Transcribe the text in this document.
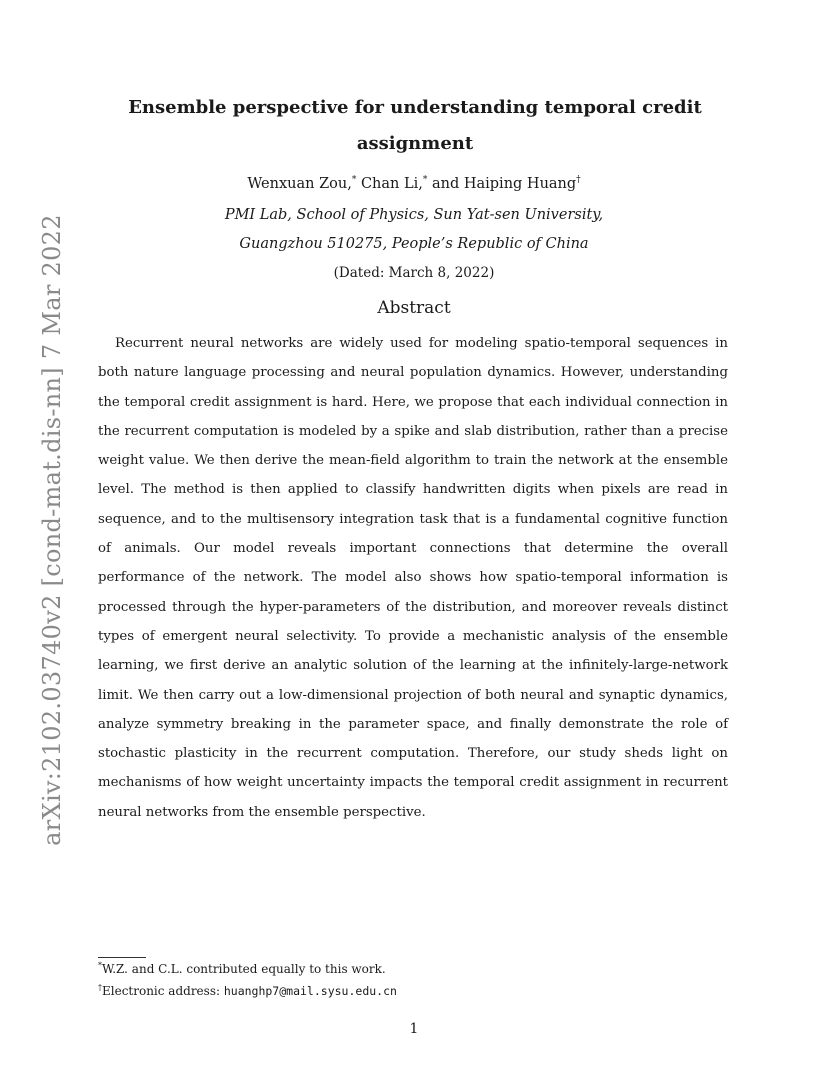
arXiv:2102.03740v2 [cond-mat.dis-nn] 7 Mar 2022
Ensemble perspective for understanding temporal credit assignment
Wenxuan Zou,* Chan Li,* and Haiping Huang†
PMI Lab, School of Physics, Sun Yat-sen University,
Guangzhou 510275, People’s Republic of China
(Dated: March 8, 2022)
Abstract

Recurrent neural networks are widely used for modeling spatio-temporal sequences in both nature language processing and neural population dynamics. However, understanding the temporal credit assignment is hard. Here, we propose that each individual connection in the recurrent computation is modeled by a spike and slab distribution, rather than a precise weight value. We then derive the mean-field algorithm to train the network at the ensemble level. The method is then applied to classify handwritten digits when pixels are read in sequence, and to the multisensory integration task that is a fundamental cognitive function of animals. Our model reveals important connections that determine the overall performance of the network. The model also shows how spatio-temporal information is processed through the hyper-parameters of the distribution, and moreover reveals distinct types of emergent neural selectivity. To provide a mechanistic analysis of the ensemble learning, we first derive an analytic solution of the learning at the infinitely-large-network limit. We then carry out a low-dimensional projection of both neural and synaptic dynamics, analyze symmetry breaking in the parameter space, and finally demonstrate the role of stochastic plasticity in the recurrent computation. Therefore, our study sheds light on mechanisms of how weight uncertainty impacts the temporal credit assignment in recurrent neural networks from the ensemble perspective.

*W.Z. and C.L. contributed equally to this work.
†Electronic address: huanghp7@mail.sysu.edu.cn
1
